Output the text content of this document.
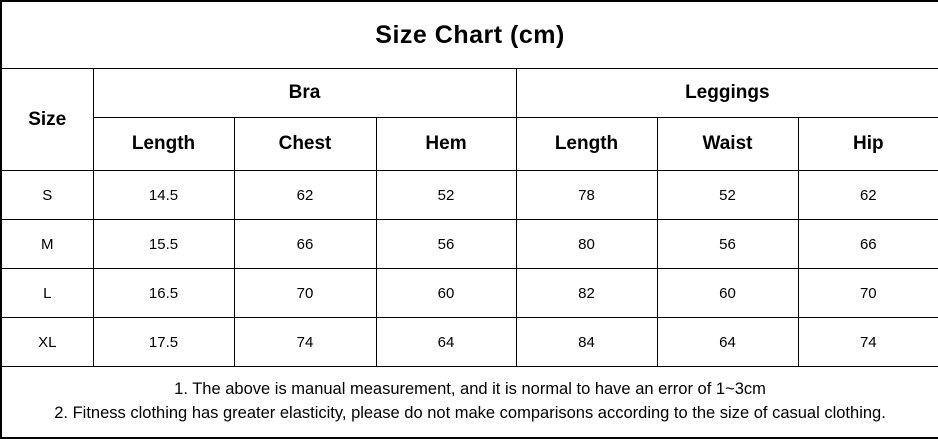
Size Chart (cm)						
Size	Bra			Leggings		
	Length	Chest	Hem	Length	Waist	Hip
S	14.5	62	52	78	52	62
M	15.5	66	56	80	56	66
L	16.5	70	60	82	60	70
XL	17.5	74	64	84	64	74

1. The above is manual measurement, and it is normal to have an error of 1~3cm
2. Fitness clothing has greater elasticity, please do not make comparisons according to the size of casual clothing.						
